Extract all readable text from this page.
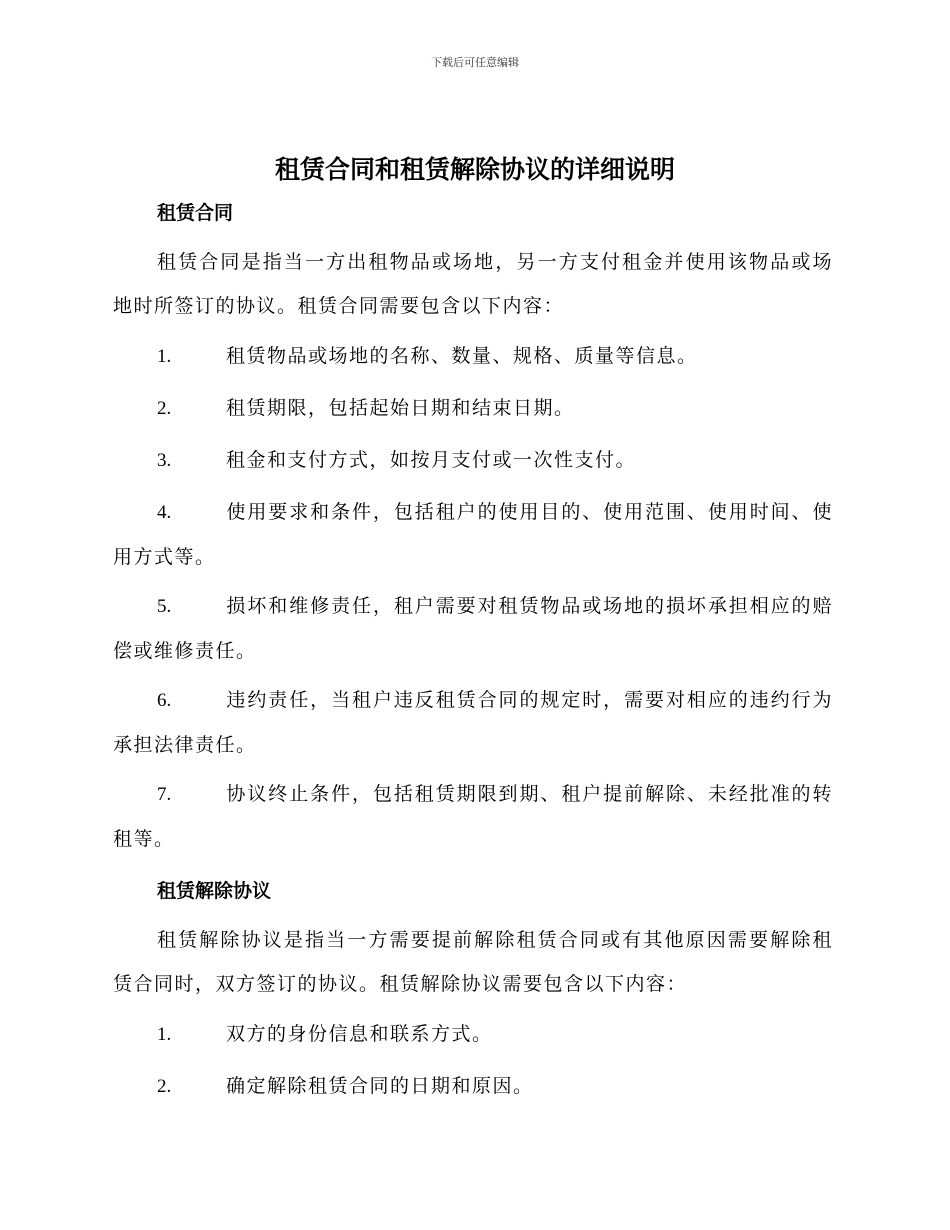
下载后可任意编辑
租赁合同和租赁解除协议的详细说明
租赁合同

租赁合同是指当一方出租物品或场地，另一方支付租金并使用该物品或场地时所签订的协议。租赁合同需要包含以下内容：

1.	租赁物品或场地的名称、数量、规格、质量等信息。

2.	租赁期限，包括起始日期和结束日期。

3.	租金和支付方式，如按月支付或一次性支付。

4.	使用要求和条件，包括租户的使用目的、使用范围、使用时间、使用方式等。

5.	损坏和维修责任，租户需要对租赁物品或场地的损坏承担相应的赔偿或维修责任。

6.	违约责任，当租户违反租赁合同的规定时，需要对相应的违约行为承担法律责任。

7.	协议终止条件，包括租赁期限到期、租户提前解除、未经批准的转租等。

租赁解除协议

租赁解除协议是指当一方需要提前解除租赁合同或有其他原因需要解除租赁合同时，双方签订的协议。租赁解除协议需要包含以下内容：

1.	双方的身份信息和联系方式。

2.	确定解除租赁合同的日期和原因。
